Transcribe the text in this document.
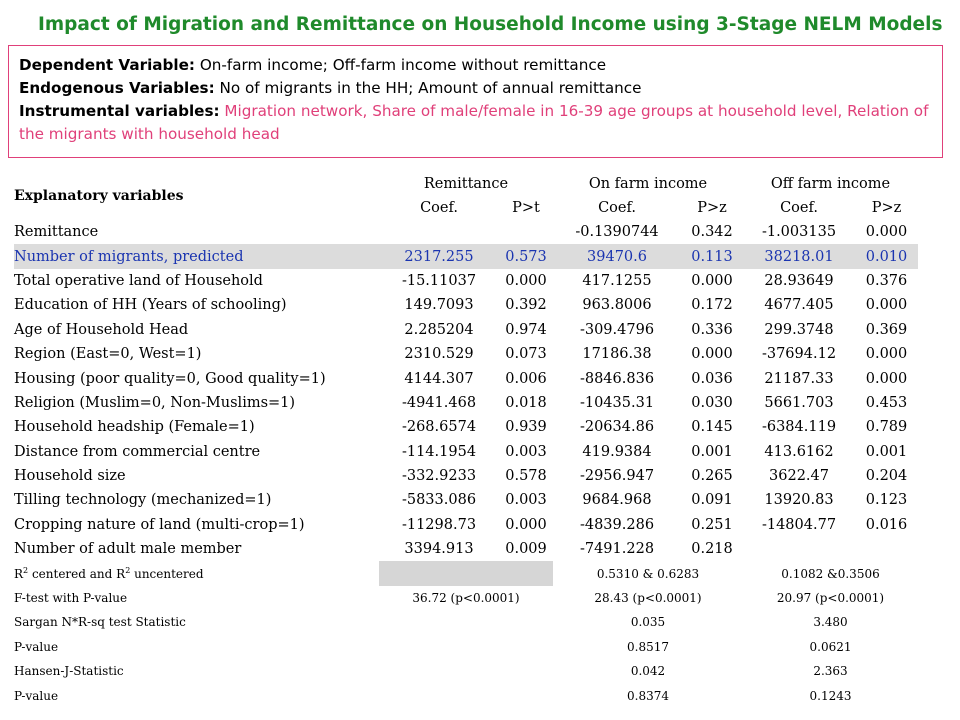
Impact of Migration and Remittance on Household Income using 3-Stage NELM Models
Dependent Variable: On-farm income; Off-farm income without remittance
Endogenous Variables: No of migrants in the HH; Amount of annual remittance
Instrumental variables: Migration network, Share of male/female in 16-39 age groups at household level, Relation of the migrants with household head
Explanatory variables	Remittance		On farm income		Off farm income	
	Coef.	P>t	Coef.	P>z	Coef.	P>z
Remittance			-0.1390744	0.342	-1.003135	0.000
Number of migrants, predicted	2317.255	0.573	39470.6	0.113	38218.01	0.010
Total operative land of Household	-15.11037	0.000	417.1255	0.000	28.93649	0.376
Education of HH (Years of schooling)	149.7093	0.392	963.8006	0.172	4677.405	0.000
Age of Household Head	2.285204	0.974	-309.4796	0.336	299.3748	0.369
Region (East=0, West=1)	2310.529	0.073	17186.38	0.000	-37694.12	0.000
Housing (poor quality=0, Good quality=1)	4144.307	0.006	-8846.836	0.036	21187.33	0.000
Religion (Muslim=0, Non-Muslims=1)	-4941.468	0.018	-10435.31	0.030	5661.703	0.453
Household headship (Female=1)	-268.6574	0.939	-20634.86	0.145	-6384.119	0.789
Distance from commercial centre	-114.1954	0.003	419.9384	0.001	413.6162	0.001
Household size	-332.9233	0.578	-2956.947	0.265	3622.47	0.204
Tilling technology (mechanized=1)	-5833.086	0.003	9684.968	0.091	13920.83	0.123
Cropping nature of land (multi-crop=1)	-11298.73	0.000	-4839.286	0.251	-14804.77	0.016
Number of adult male member	3394.913	0.009	-7491.228	0.218		
$R^2$ centered and $R^2$ uncentered			0.5310 & 0.6283		0.1082 &0.3506	
F-test with P-value	36.72 (p<0.0001)		28.43 (p<0.0001)		20.97 (p<0.0001)	
Sargan N*R-sq test Statistic			0.035		3.480	
P-value			0.8517		0.0621	
Hansen-J-Statistic			0.042		2.363	
P-value			0.8374		0.1243	
